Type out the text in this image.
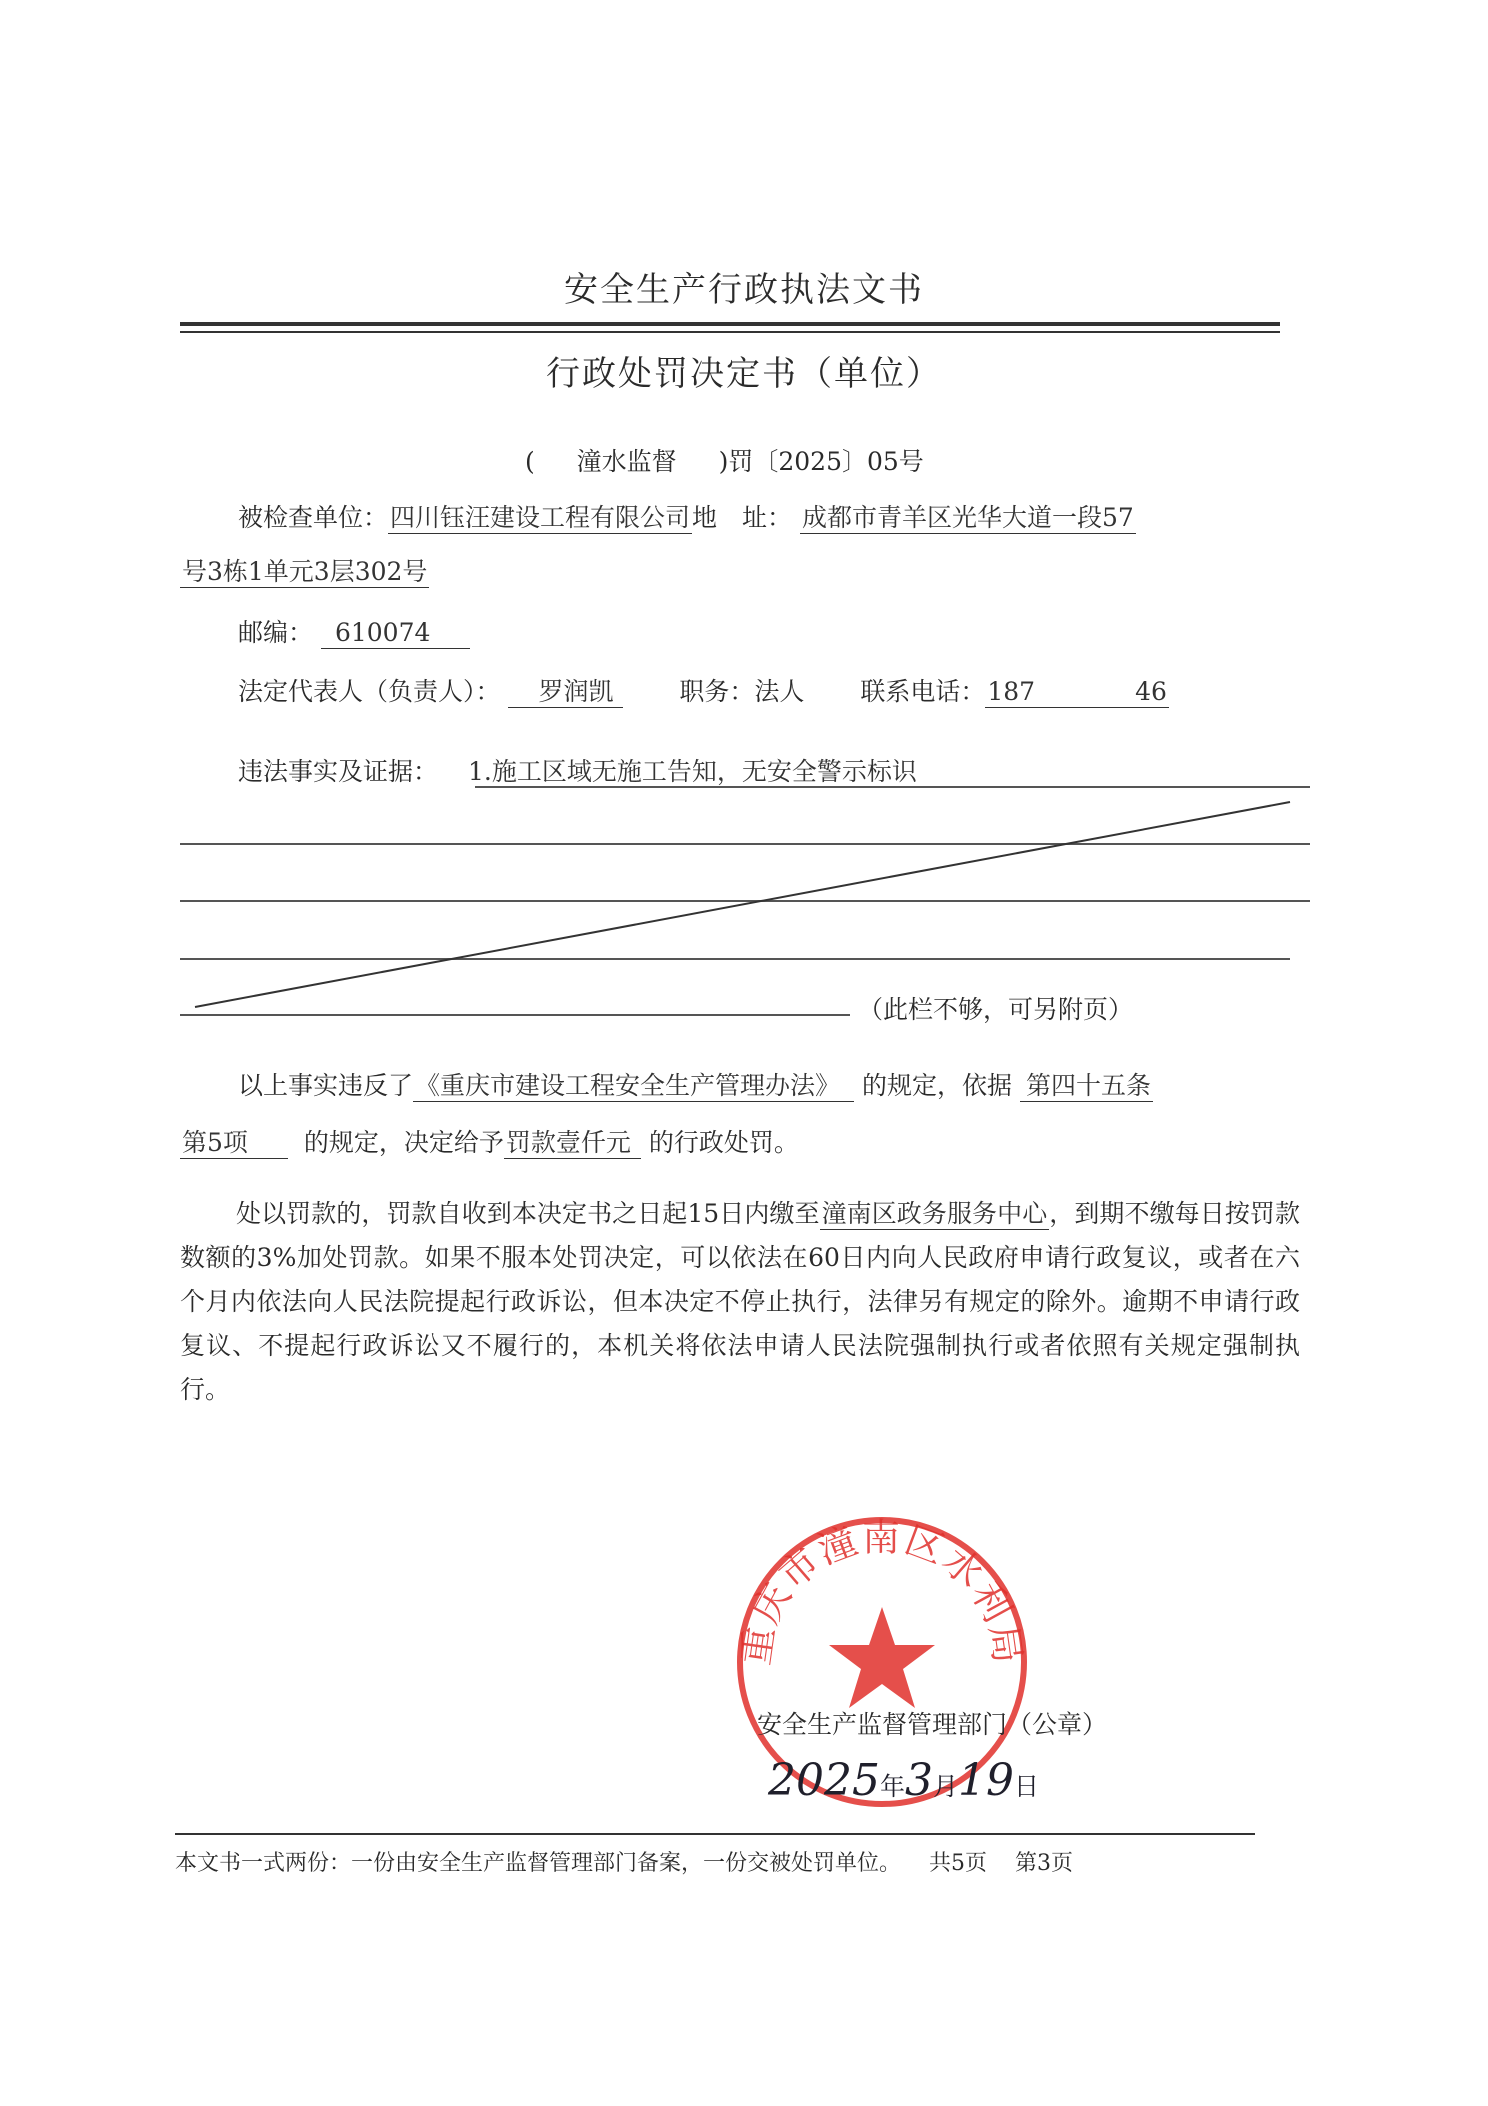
安全生产行政执法文书
行政处罚决定书（单位）
( 潼水监督 )罚〔2025〕05号
被检查单位：四川钰汪建设工程有限公司地　址： 成都市青羊区光华大道一段57
号3栋1单元3层302号
邮编： 610074
法定代表人（负责人）： 罗润凯	职务：法人 联系电话：187	46
违法事实及证据： 1.施工区域无施工告知，无安全警示标识
（此栏不够，可另附页）
以上事实违反了《重庆市建设工程安全生产管理办法》 的规定，依据 第四十五条
第5项 的规定，决定给予罚款壹仟元 的行政处罚。
处以罚款的，罚款自收到本决定书之日起15日内缴至潼南区政务服务中心，到期不缴每日按罚款数额的3%加处罚款。如果不服本处罚决定，可以依法在60日内向人民政府申请行政复议，或者在六个月内依法向人民法院提起行政诉讼，但本决定不停止执行，法律另有规定的除外。逾期不申请行政复议、不提起行政诉讼又不履行的，本机关将依法申请人民法院强制执行或者依照有关规定强制执行。
重庆市潼南区水利局
安全生产监督管理部门（公章）
2025年3月19日
本文书一式两份：一份由安全生产监督管理部门备案，一份交被处罚单位。 共5页 第3页
